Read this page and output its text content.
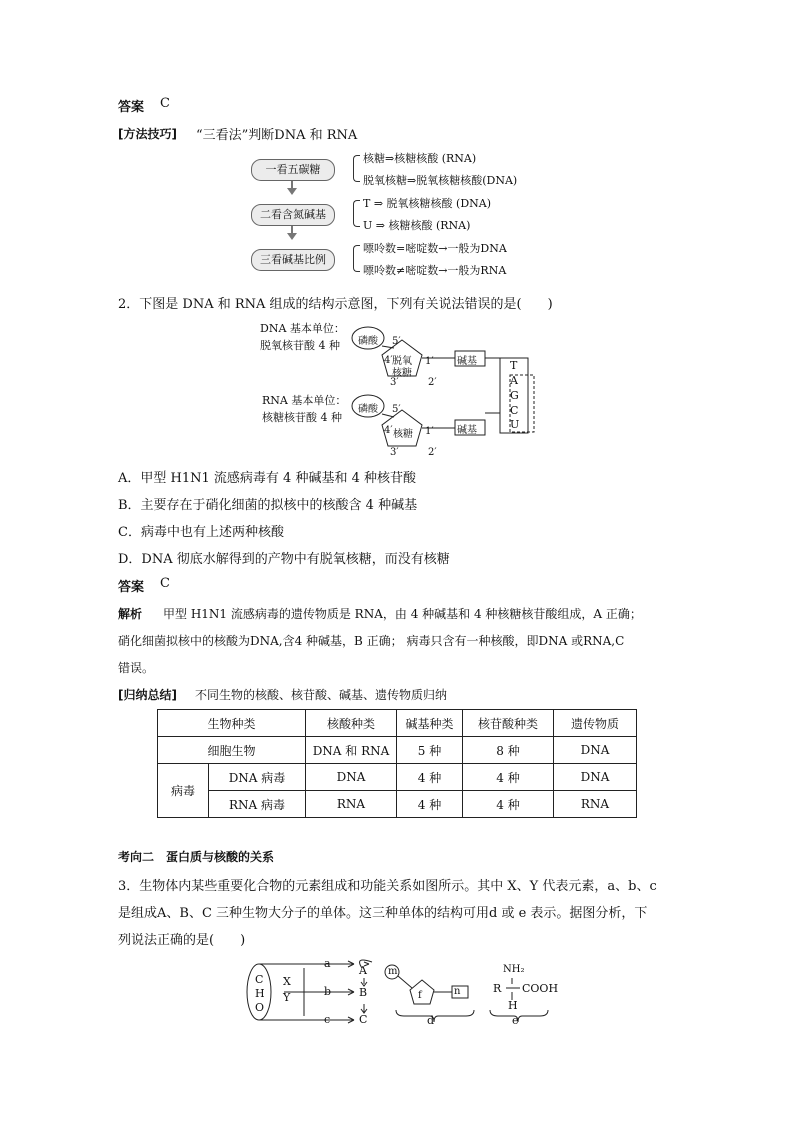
答案 C
[方法技巧] “三看法”判断DNA 和 RNA
一看五碳糖
二看含氮碱基
三看碱基比例
核糖⇒核糖核酸 (RNA)
脱氧核糖⇒脱氧核糖核酸(DNA)
T ⇒ 脱氧核糖核酸 (DNA)
U ⇒ 核糖核酸 (RNA)
嘌呤数=嘧啶数→一般为DNA
嘌呤数≠嘧啶数→一般为RNA
2．下图是 DNA 和 RNA 组成的结构示意图，下列有关说法错误的是(　　)
DNA 基本单位：
脱氧核苷酸 4 种
RNA 基本单位：
核糖核苷酸 4 种
磷酸 5′
4′
3′	2′
1′
脱氧
核糖
碱基
磷酸 5′
4′
3′	2′
1′
核糖	碱基
T
A
G
C
U
A．甲型 H1N1 流感病毒有 4 种碱基和 4 种核苷酸
B．主要存在于硝化细菌的拟核中的核酸含 4 种碱基
C．病毒中也有上述两种核酸
D．DNA 彻底水解得到的产物中有脱氧核糖，而没有核糖
答案 C
解析 甲型 H1N1 流感病毒的遗传物质是 RNA，由 4 种碱基和 4 种核糖核苷酸组成，A 正确；
硝化细菌拟核中的核酸为DNA,含4 种碱基，B 正确； 病毒只含有一种核酸，即DNA 或RNA,C
错误。
[归纳总结] 不同生物的核酸、核苷酸、碱基、遗传物质归纳
生物种类		核酸种类	碱基种类	核苷酸种类	遗传物质
细胞生物		DNA 和 RNA	5 种	8 种	DNA
病毒	DNA 病毒	DNA	4 种	4 种	DNA
	RNA 病毒	RNA	4 种	4 种	RNA
考向二　蛋白质与核酸的关系
3．生物体内某些重要化合物的元素组成和功能关系如图所示。其中 X、Y 代表元素，a、b、c
是组成A、B、C 三种生物大分子的单体。这三种单体的结构可用d 或 e 表示。据图分析，下
列说法正确的是(　　)
C
H
O
X
Y
a
b
c
A
B
C
m
f	n
d
NH₂
R COOH
H
e
